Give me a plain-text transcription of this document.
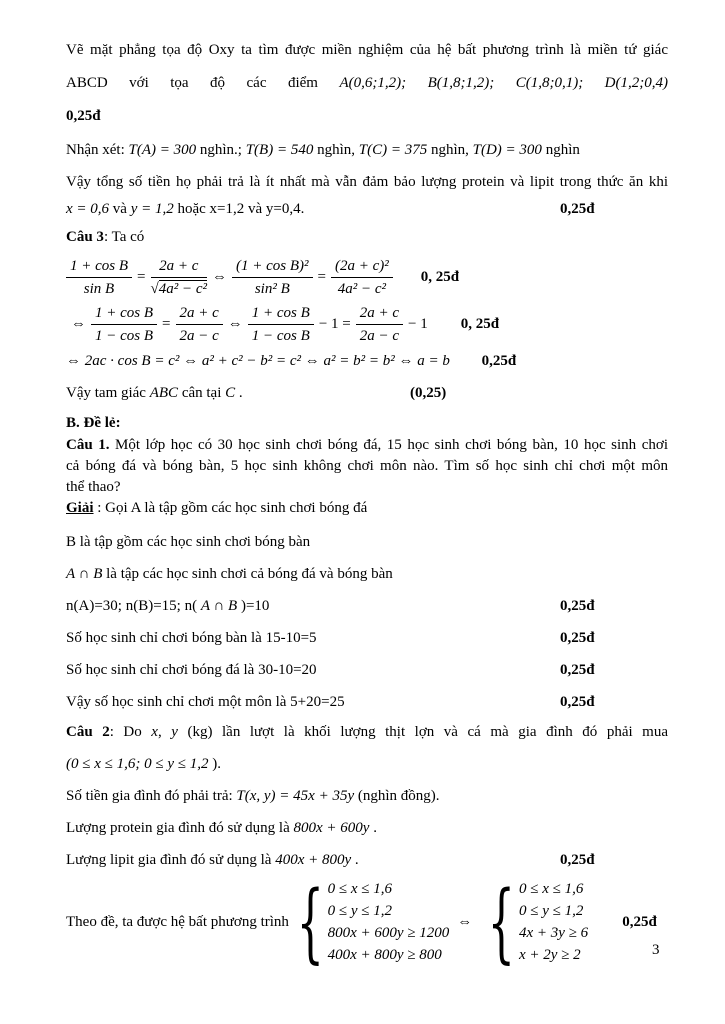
Vẽ mặt phẳng tọa độ Oxy ta tìm được miền nghiệm của hệ bất phương trình là miền tứ giác
ABCD với tọa độ các điểm A(0,6;1,2); B(1,8;1,2); C(1,8;0,1); D(1,2;0,4)
0,25đ
Nhận xét: T(A) = 300 nghìn.; T(B) = 540 nghìn, T(C) = 375 nghìn, T(D) = 300 nghìn
Vậy tổng số tiền họ phải trả là ít nhất mà vẫn đảm bảo lượng protein và lipit trong thức ăn khi
x = 0,6 và y = 1,2 hoặc x=1,2 và y=0,4.	0,25đ
Câu 3: Ta có
$\frac{\text{1 + cos B}}{\text{sin B}} = \frac{2a + c}{\text{√4a² − c²}}$ ⇔ $\frac{\text{(1 + cos B)²}}{\text{sin² B}} = \frac{\text{(2a + c)²}}{\text{4a² − c²}} 0$, 25đ
⇔ $\frac{\text{1 + cos B}}{\text{1 − cos B}} = \frac{2a + c}{2a - c}$ ⇔ $\frac{\text{1 + cos B}}{\text{1 − cos B}} - 1 = \frac{2a + c}{2a - c} - 1$	0, 25đ
⇔ 2ac · cos B = c² ⇔ a² + c² − b² = c² ⇔ a² = b² = b² ⇔ a = b 0,25đ
Vậy tam giác ABC cân tại C .	(0,25)
B. Đề lẻ:
Câu 1. Một lớp học có 30 học sinh chơi bóng đá, 15 học sinh chơi bóng bàn, 10 học sinh chơi
cả bóng đá và bóng bàn, 5 học sinh không chơi môn nào. Tìm số học sinh chỉ chơi một môn
thể thao?
Giải : Gọi A là tập gồm các học sinh chơi bóng đá
B là tập gồm các học sinh chơi bóng bàn
A ∩ B là tập các học sinh chơi cả bóng đá và bóng bàn
n(A)=30; n(B)=15; n( A ∩ B )=10	0,25đ
Số học sinh chỉ chơi bóng bàn là 15-10=5	0,25đ
Số học sinh chỉ chơi bóng đá là 30-10=20	0,25đ
Vậy số học sinh chỉ chơi một môn là 5+20=25	0,25đ
Câu 2: Do x, y (kg) lần lượt là khối lượng thịt lợn và cá mà gia đình đó phải mua
(0 ≤ x ≤ 1,6; 0 ≤ y ≤ 1,2 ).
Số tiền gia đình đó phải trả: T(x, y) = 45x + 35y (nghìn đồng).
Lượng protein gia đình đó sử dụng là 800x + 600y .
Lượng lipit gia đình đó sử dụng là 400x + 800y .	0,25đ
Theo đề, ta được hệ bất phương trình { 0 ≤ x ≤ 1,6
0 ≤ y ≤ 1,2
800x + 600y ≥ 1200
400x + 800y ≥ 800
⇔ { 0 ≤ x ≤ 1,6
0 ≤ y ≤ 1,2
4x + 3y ≥ 6
x + 2y ≥ 2
0,25đ
3
